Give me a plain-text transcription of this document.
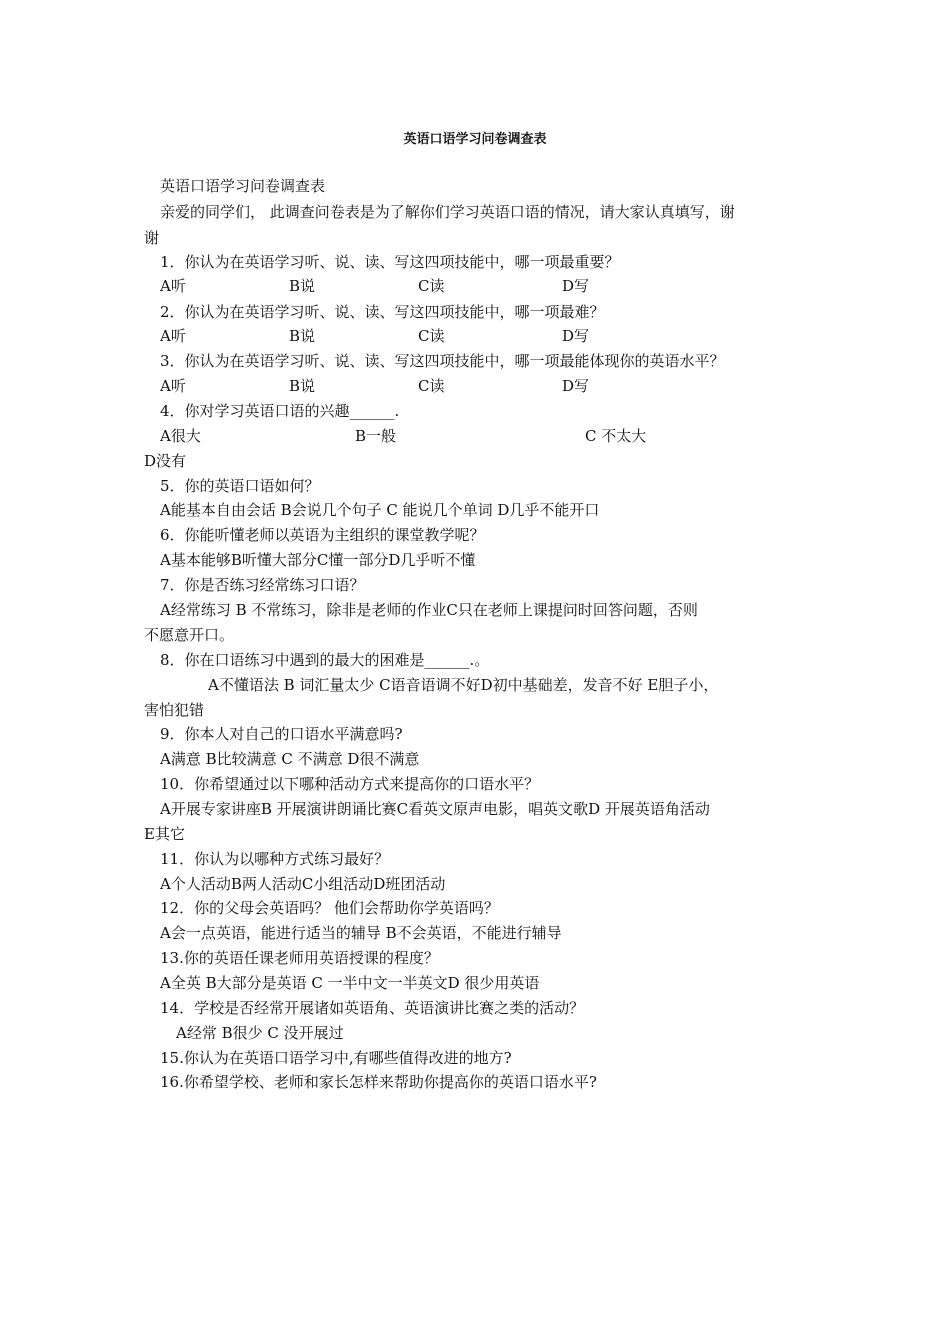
英语口语学习问卷调查表
英语口语学习问卷调查表
亲爱的同学们， 此调查问卷表是为了解你们学习英语口语的情况，请大家认真填写，谢
谢
1．你认为在英语学习听、说、读、写这四项技能中，哪一项最重要？
A听	B说	C读	D写
2．你认为在英语学习听、说、读、写这四项技能中，哪一项最难？
A听	B说	C读	D写
3．你认为在英语学习听、说、读、写这四项技能中，哪一项最能体现你的英语水平？
A听	B说	C读	D写
4．你对学习英语口语的兴趣______.
A很大	B一般	C 不太大
D没有
5．你的英语口语如何？
A能基本自由会话 B会说几个句子 C 能说几个单词 D几乎不能开口
6．你能听懂老师以英语为主组织的课堂教学呢？
A基本能够B听懂大部分C懂一部分D几乎听不懂
7．你是否练习经常练习口语？
A经常练习 B 不常练习，除非是老师的作业C只在老师上课提问时回答问题，否则
不愿意开口。
8．你在口语练习中遇到的最大的困难是______.。
A不懂语法 B 词汇量太少 C语音语调不好D初中基础差，发音不好 E胆子小，
害怕犯错
9．你本人对自己的口语水平满意吗?
A满意 B比较满意 C 不满意 D很不满意
10．你希望通过以下哪种活动方式来提高你的口语水平？
A开展专家讲座B 开展演讲朗诵比赛C看英文原声电影，唱英文歌D 开展英语角活动
E其它
11．你认为以哪种方式练习最好？
A个人活动B两人活动C小组活动D班团活动
12．你的父母会英语吗？ 他们会帮助你学英语吗？
A会一点英语，能进行适当的辅导 B不会英语，不能进行辅导
13.你的英语任课老师用英语授课的程度？
A全英 B大部分是英语 C 一半中文一半英文D 很少用英语
14．学校是否经常开展诸如英语角、英语演讲比赛之类的活动？
A经常 B很少 C 没开展过
15.你认为在英语口语学习中,有哪些值得改进的地方?
16.你希望学校、老师和家长怎样来帮助你提高你的英语口语水平?
